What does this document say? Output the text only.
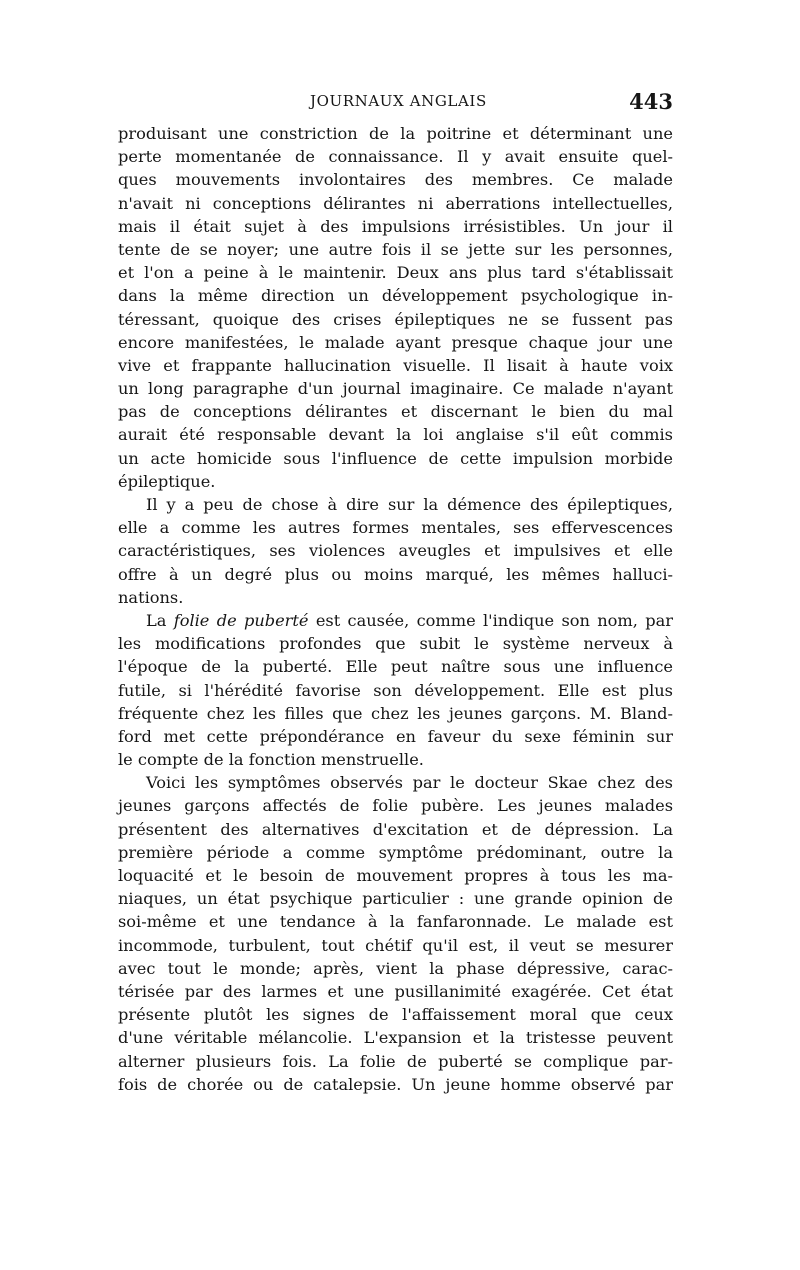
JOURNAUX ANGLAIS	443
produisant une constriction de la poitrine et déterminant une
perte momentanée de connaissance. Il y avait ensuite quel-
ques mouvements involontaires des membres. Ce malade
n'avait ni conceptions délirantes ni aberrations intellectuelles,
mais il était sujet à des impulsions irrésistibles. Un jour il
tente de se noyer; une autre fois il se jette sur les personnes,
et l'on a peine à le maintenir. Deux ans plus tard s'établissait
dans la même direction un développement psychologique in-
téressant, quoique des crises épileptiques ne se fussent pas
encore manifestées, le malade ayant presque chaque jour une
vive et frappante hallucination visuelle. Il lisait à haute voix
un long paragraphe d'un journal imaginaire. Ce malade n'ayant
pas de conceptions délirantes et discernant le bien du mal
aurait été responsable devant la loi anglaise s'il eût commis
un acte homicide sous l'influence de cette impulsion morbide
épileptique.
Il y a peu de chose à dire sur la démence des épileptiques,
elle a comme les autres formes mentales, ses effervescences
caractéristiques, ses violences aveugles et impulsives et elle
offre à un degré plus ou moins marqué, les mêmes halluci-
nations.
La folie de puberté est causée, comme l'indique son nom, par
les modifications profondes que subit le système nerveux à
l'époque de la puberté. Elle peut naître sous une influence
futile, si l'hérédité favorise son développement. Elle est plus
fréquente chez les filles que chez les jeunes garçons. M. Bland-
ford met cette prépondérance en faveur du sexe féminin sur
le compte de la fonction menstruelle.
Voici les symptômes observés par le docteur Skae chez des
jeunes garçons affectés de folie pubère. Les jeunes malades
présentent des alternatives d'excitation et de dépression. La
première période a comme symptôme prédominant, outre la
loquacité et le besoin de mouvement propres à tous les ma-
niaques, un état psychique particulier : une grande opinion de
soi-même et une tendance à la fanfaronnade. Le malade est
incommode, turbulent, tout chétif qu'il est, il veut se mesurer
avec tout le monde; après, vient la phase dépressive, carac-
térisée par des larmes et une pusillanimité exagérée. Cet état
présente plutôt les signes de l'affaissement moral que ceux
d'une véritable mélancolie. L'expansion et la tristesse peuvent
alterner plusieurs fois. La folie de puberté se complique par-
fois de chorée ou de catalepsie. Un jeune homme observé par
